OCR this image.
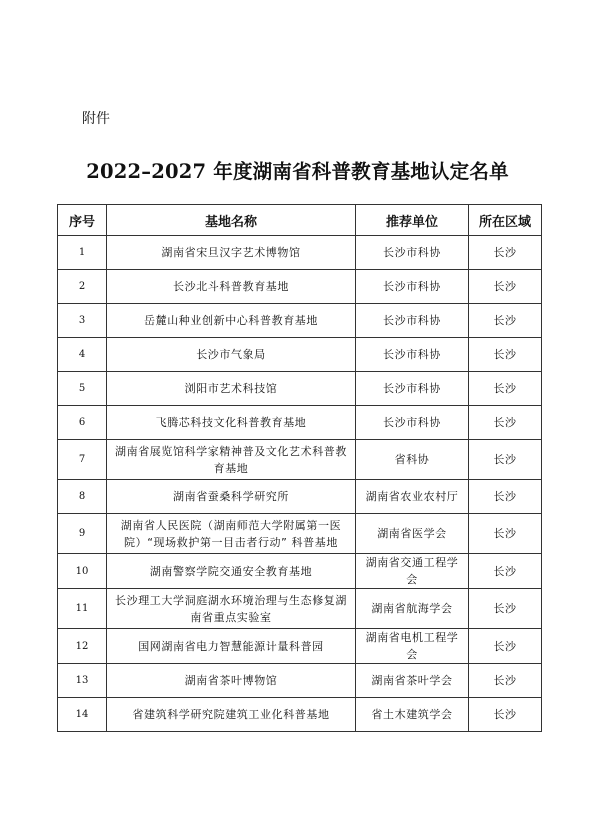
附件
2022–2027 年度湖南省科普教育基地认定名单
序号	基地名称	推荐单位	所在区域
1	湖南省宋旦汉字艺术博物馆	长沙市科协	长沙
2	长沙北斗科普教育基地	长沙市科协	长沙
3	岳麓山种业创新中心科普教育基地	长沙市科协	长沙
4	长沙市气象局	长沙市科协	长沙
5	浏阳市艺术科技馆	长沙市科协	长沙
6	飞腾芯科技文化科普教育基地	长沙市科协	长沙
7	湖南省展览馆科学家精神普及文化艺术科普教育基地	省科协	长沙
8	湖南省蚕桑科学研究所	湖南省农业农村厅	长沙
9	湖南省人民医院（湖南师范大学附属第一医院）“现场救护第一目击者行动” 科普基地	湖南省医学会	长沙
10	湖南警察学院交通安全教育基地	湖南省交通工程学会	长沙
11	长沙理工大学洞庭湖水环境治理与生态修复湖南省重点实验室	湖南省航海学会	长沙
12	国网湖南省电力智慧能源计量科普园	湖南省电机工程学会	长沙
13	湖南省茶叶博物馆	湖南省茶叶学会	长沙
14	省建筑科学研究院建筑工业化科普基地	省土木建筑学会	长沙
